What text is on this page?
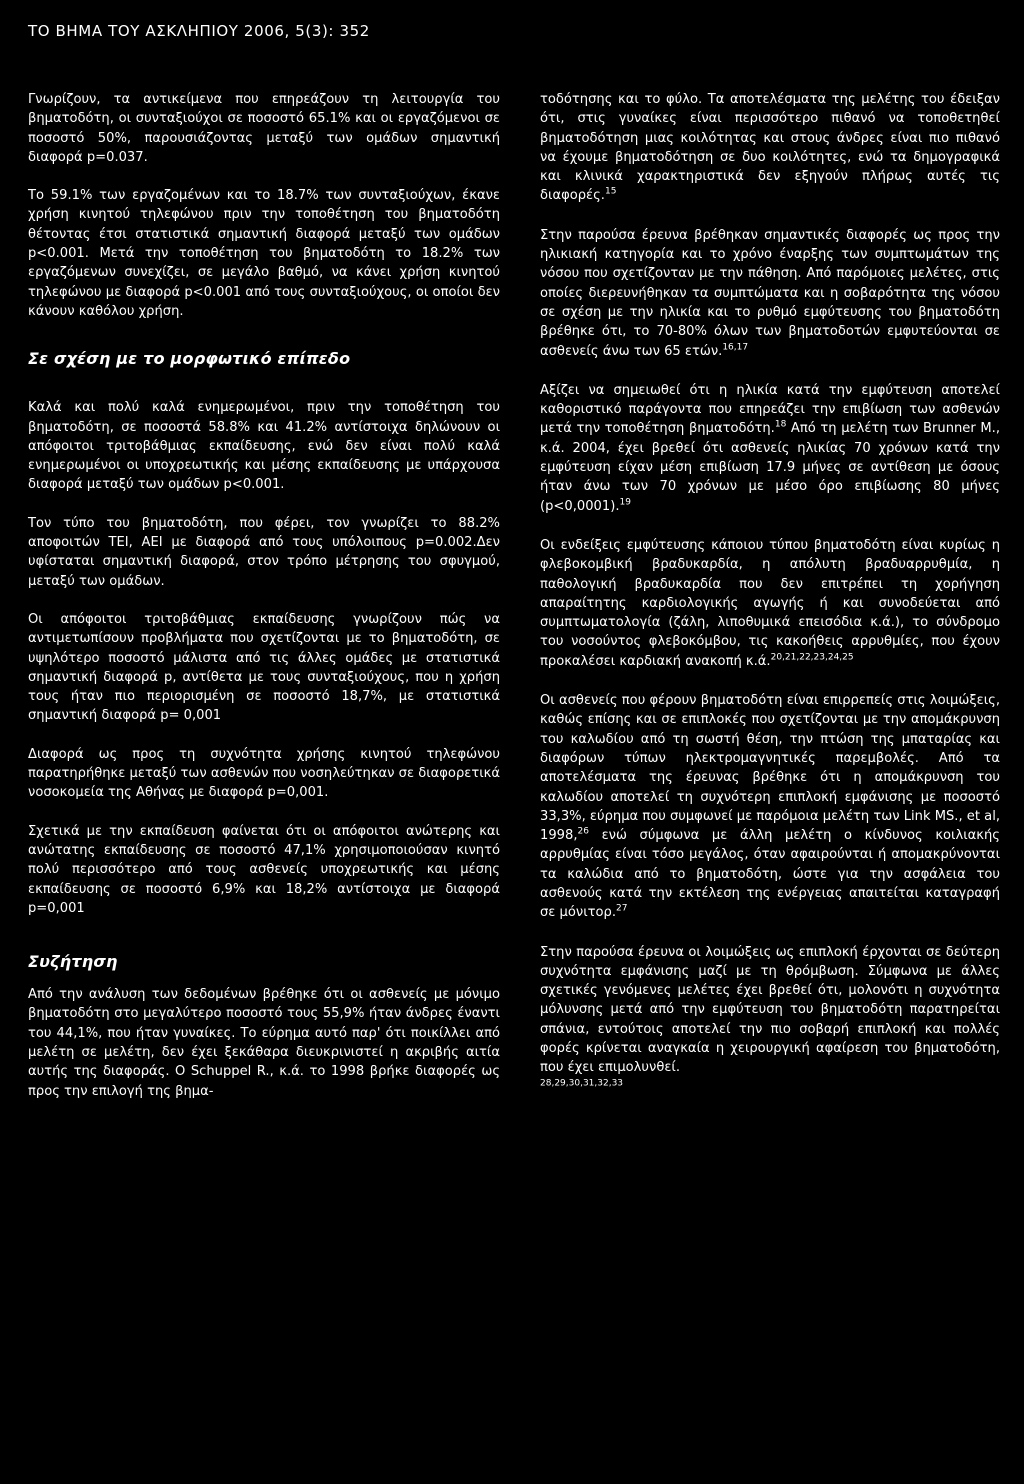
ΤΟ ΒΗΜΑ ΤΟΥ ΑΣΚΛΗΠΙΟΥ 2006, 5(3): 352

Γνωρίζουν, τα αντικείμενα που επηρεάζουν τη λειτουργία του βηματοδότη, οι συνταξιούχοι σε ποσοστό 65.1% και οι εργαζόμενοι σε ποσοστό 50%, παρουσιάζοντας μεταξύ των ομάδων σημαντική διαφορά p=0.037.

Το 59.1% των εργαζομένων και το 18.7% των συνταξιούχων, έκανε χρήση κινητού τηλεφώνου πριν την τοποθέτηση του βηματοδότη θέτοντας έτσι στατιστικά σημαντική διαφορά μεταξύ των ομάδων p<0.001. Μετά την τοποθέτηση του βηματοδότη το 18.2% των εργαζόμενων συνεχίζει, σε μεγάλο βαθμό, να κάνει χρήση κινητού τηλεφώνου με διαφορά p<0.001 από τους συνταξιούχους, οι οποίοι δεν κάνουν καθόλου χρήση.

Σε σχέση με το μορφωτικό επίπεδο

Καλά και πολύ καλά ενημερωμένοι, πριν την τοποθέτηση του βηματοδότη, σε ποσοστά 58.8% και 41.2% αντίστοιχα δηλώνουν οι απόφοιτοι τριτοβάθμιας εκπαίδευσης, ενώ δεν είναι πολύ καλά ενημερωμένοι οι υποχρεωτικής και μέσης εκπαίδευσης με υπάρχουσα διαφορά μεταξύ των ομάδων p<0.001.

Τον τύπο του βηματοδότη, που φέρει, τον γνωρίζει το 88.2% αποφοιτών ΤΕΙ, ΑΕΙ με διαφορά από τους υπόλοιπους p=0.002.Δεν υφίσταται σημαντική διαφορά, στον τρόπο μέτρησης του σφυγμού, μεταξύ των ομάδων.

Οι απόφοιτοι τριτοβάθμιας εκπαίδευσης γνωρίζουν πώς να αντιμετωπίσουν προβλήματα που σχετίζονται με το βηματοδότη, σε υψηλότερο ποσοστό μάλιστα από τις άλλες ομάδες με στατιστικά σημαντική διαφορά p, αντίθετα με τους συνταξιούχους, που η χρήση τους ήταν πιο περιορισμένη σε ποσοστό 18,7%, με στατιστικά σημαντική διαφορά p= 0,001

Διαφορά ως προς τη συχνότητα χρήσης κινητού τηλεφώνου παρατηρήθηκε μεταξύ των ασθενών που νοσηλεύτηκαν σε διαφορετικά νοσοκομεία της Αθήνας με διαφορά p=0,001.

Σχετικά με την εκπαίδευση φαίνεται ότι οι απόφοιτοι ανώτερης και ανώτατης εκπαίδευσης σε ποσοστό 47,1% χρησιμοποιούσαν κινητό πολύ περισσότερο από τους ασθενείς υποχρεωτικής και μέσης εκπαίδευσης σε ποσοστό 6,9% και 18,2% αντίστοιχα με διαφορά p=0,001

Συζήτηση

Από την ανάλυση των δεδομένων βρέθηκε ότι οι ασθενείς με μόνιμο βηματοδότη στο μεγαλύτερο ποσοστό τους 55,9% ήταν άνδρες έναντι του 44,1%, που ήταν γυναίκες. Το εύρημα αυτό παρ' ότι ποικίλλει από μελέτη σε μελέτη, δεν έχει ξεκάθαρα διευκρινιστεί η ακριβής αιτία αυτής της διαφοράς. Ο Schuppel R., κ.ά. το 1998 βρήκε διαφορές ως προς την επιλογή της βημα-

τοδότησης και το φύλο. Τα αποτελέσματα της μελέτης του έδειξαν ότι, στις γυναίκες είναι περισσότερο πιθανό να τοποθετηθεί βηματοδότηση μιας κοιλότητας και στους άνδρες είναι πιο πιθανό να έχουμε βηματοδότηση σε δυο κοιλότητες, ενώ τα δημογραφικά και κλινικά χαρακτηριστικά δεν εξηγούν πλήρως αυτές τις διαφορές.$^{15}$

Στην παρούσα έρευνα βρέθηκαν σημαντικές διαφορές ως προς την ηλικιακή κατηγορία και το χρόνο έναρξης των συμπτωμάτων της νόσου που σχετίζονταν με την πάθηση. Από παρόμοιες μελέτες, στις οποίες διερευνήθηκαν τα συμπτώματα και η σοβαρότητα της νόσου σε σχέση με την ηλικία και το ρυθμό εμφύτευσης του βηματοδότη βρέθηκε ότι, το 70-80% όλων των βηματοδοτών εμφυτεύονται σε ασθενείς άνω των 65 ετών.$^{16,17}$

Αξίζει να σημειωθεί ότι η ηλικία κατά την εμφύτευση αποτελεί καθοριστικό παράγοντα που επηρεάζει την επιβίωση των ασθενών μετά την τοποθέτηση βηματοδότη.$^{18}$ Από τη μελέτη των Brunner M., κ.ά. 2004, έχει βρεθεί ότι ασθενείς ηλικίας 70 χρόνων κατά την εμφύτευση είχαν μέση επιβίωση 17.9 μήνες σε αντίθεση με όσους ήταν άνω των 70 χρόνων με μέσο όρο επιβίωσης 80 μήνες (p<0,0001).$^{19}$

Οι ενδείξεις εμφύτευσης κάποιου τύπου βηματοδότη είναι κυρίως η φλεβοκομβική βραδυκαρδία, η απόλυτη βραδυαρρυθμία, η παθολογική βραδυκαρδία που δεν επιτρέπει τη χορήγηση απαραίτητης καρδιολογικής αγωγής ή και συνοδεύεται από συμπτωματολογία (ζάλη, λιποθυμικά επεισόδια κ.ά.), το σύνδρομο του νοσούντος φλεβοκόμβου, τις κακοήθεις αρρυθμίες, που έχουν προκαλέσει καρδιακή ανακοπή κ.ά.$^{20,21,22,23,24,25}$

Οι ασθενείς που φέρουν βηματοδότη είναι επιρρεπείς στις λοιμώξεις, καθώς επίσης και σε επιπλοκές που σχετίζονται με την απομάκρυνση του καλωδίου από τη σωστή θέση, την πτώση της μπαταρίας και διαφόρων τύπων ηλεκτρομαγνητικές παρεμβολές. Από τα αποτελέσματα της έρευνας βρέθηκε ότι η απομάκρυνση του καλωδίου αποτελεί τη συχνότερη επιπλοκή εμφάνισης με ποσοστό 33,3%, εύρημα που συμφωνεί με παρόμοια μελέτη των Link MS., et al, 1998,26 ενώ σύμφωνα με άλλη μελέτη ο κίνδυνος κοιλιακής αρρυθμίας είναι τόσο μεγάλος, όταν αφαιρούνται ή απομακρύνονται τα καλώδια από το βηματοδότη, ώστε για την ασφάλεια του ασθενούς κατά την εκτέλεση της ενέργειας απαιτείται καταγραφή σε μόνιτορ.$^{27}$

Στην παρούσα έρευνα οι λοιμώξεις ως επιπλοκή έρχονται σε δεύτερη συχνότητα εμφάνισης μαζί με τη θρόμβωση. Σύμφωνα με άλλες σχετικές γενόμενες μελέτες έχει βρεθεί ότι, μολονότι η συχνότητα μόλυνσης μετά από την εμφύτευση του βηματοδότη παρατηρείται σπάνια, εντούτοις αποτελεί την πιο σοβαρή επιπλοκή και πολλές φορές κρίνεται αναγκαία η χειρουργική αφαίρεση του βηματοδότη, που έχει επιμολυνθεί.
$^{28,29,30,31,32,33}$
